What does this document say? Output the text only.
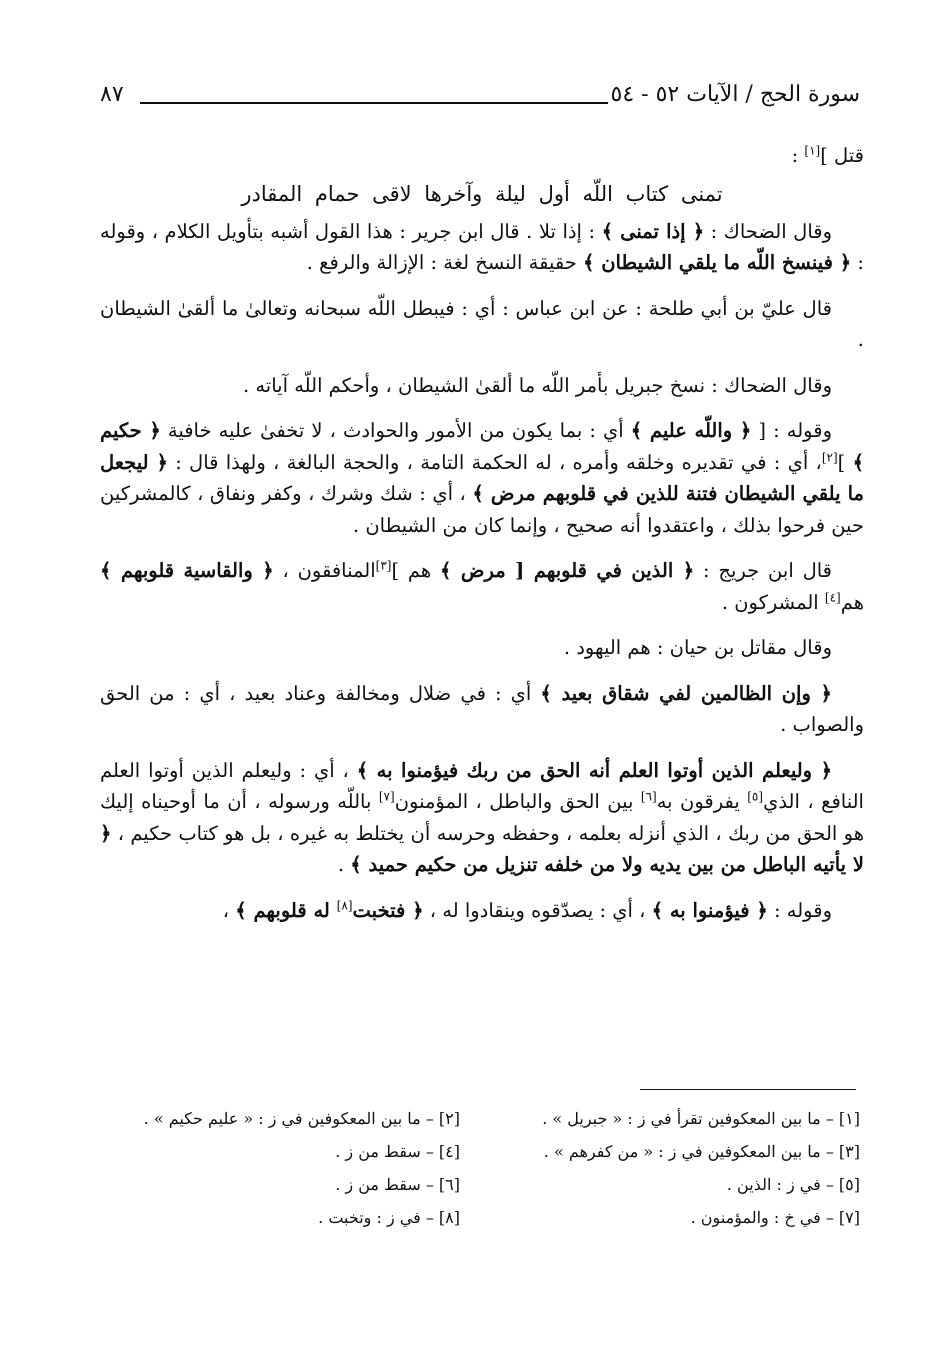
سورة الحج / الآيات ٥٢ - ٥٤
٨٧

قتل ][١] :

تمنى كتاب اللّه أول ليلة وآخرها لاقى حمام المقادر

وقال الضحاك : ﴿ إذا تمنى ﴾ : إذا تلا . قال ابن جرير : هذا القول أشبه بتأويل الكلام ، وقوله : ﴿ فينسخ اللّه ما يلقي الشيطان ﴾ حقيقة النسخ لغة : الإزالة والرفع .

قال عليّ بن أبي طلحة : عن ابن عباس : أي : فيبطل اللّه سبحانه وتعالىٰ ما ألقىٰ الشيطان .

وقال الضحاك : نسخ جبريل بأمر اللّه ما ألقىٰ الشيطان ، وأحكم اللّه آياته .

وقوله : [ ﴿ واللّه عليم ﴾ أي : بما يكون من الأمور والحوادث ، لا تخفىٰ عليه خافية ﴿ حكيم ﴾ ][٢]، أي : في تقديره وخلقه وأمره ، له الحكمة التامة ، والحجة البالغة ، ولهذا قال : ﴿ ليجعل ما يلقي الشيطان فتنة للذين في قلوبهم مرض ﴾ ، أي : شك وشرك ، وكفر ونفاق ، كالمشركين حين فرحوا بذلك ، واعتقدوا أنه صحيح ، وإنما كان من الشيطان .

قال ابن جريج : ﴿ الذين في قلوبهم [ مرض ﴾ هم ][٣]المنافقون ، ﴿ والقاسية قلوبهم ﴾ هم[٤] المشركون .

وقال مقاتل بن حيان : هم اليهود .

﴿ وإن الظالمين لفي شقاق بعيد ﴾ أي : في ضلال ومخالفة وعناد بعيد ، أي : من الحق والصواب .

﴿ وليعلم الذين أوتوا العلم أنه الحق من ربك فيؤمنوا به ﴾ ، أي : وليعلم الذين أوتوا العلم النافع ، الذي[٥] يفرقون به[٦] بين الحق والباطل ، المؤمنون[٧] باللّه ورسوله ، أن ما أوحيناه إليك هو الحق من ربك ، الذي أنزله بعلمه ، وحفظه وحرسه أن يختلط به غيره ، بل هو كتاب حكيم ، ﴿ لا يأتيه الباطل من بين يديه ولا من خلفه تنزيل من حكيم حميد ﴾ .

وقوله : ﴿ فيؤمنوا به ﴾ ، أي : يصدّقوه وينقادوا له ، ﴿ فتخبت[٨] له قلوبهم ﴾ ،

[١] – ما بين المعكوفين تقرأ في ز : « جبريل » .
[٢] – ما بين المعكوفين في ز : « عليم حكيم » .
[٣] – ما بين المعكوفين في ز : « من كفرهم » .
[٤] – سقط من ز .
[٥] – في ز : الذين .
[٦] – سقط من ز .
[٧] – في خ : والمؤمنون .
[٨] – في ز : وتخبت .
